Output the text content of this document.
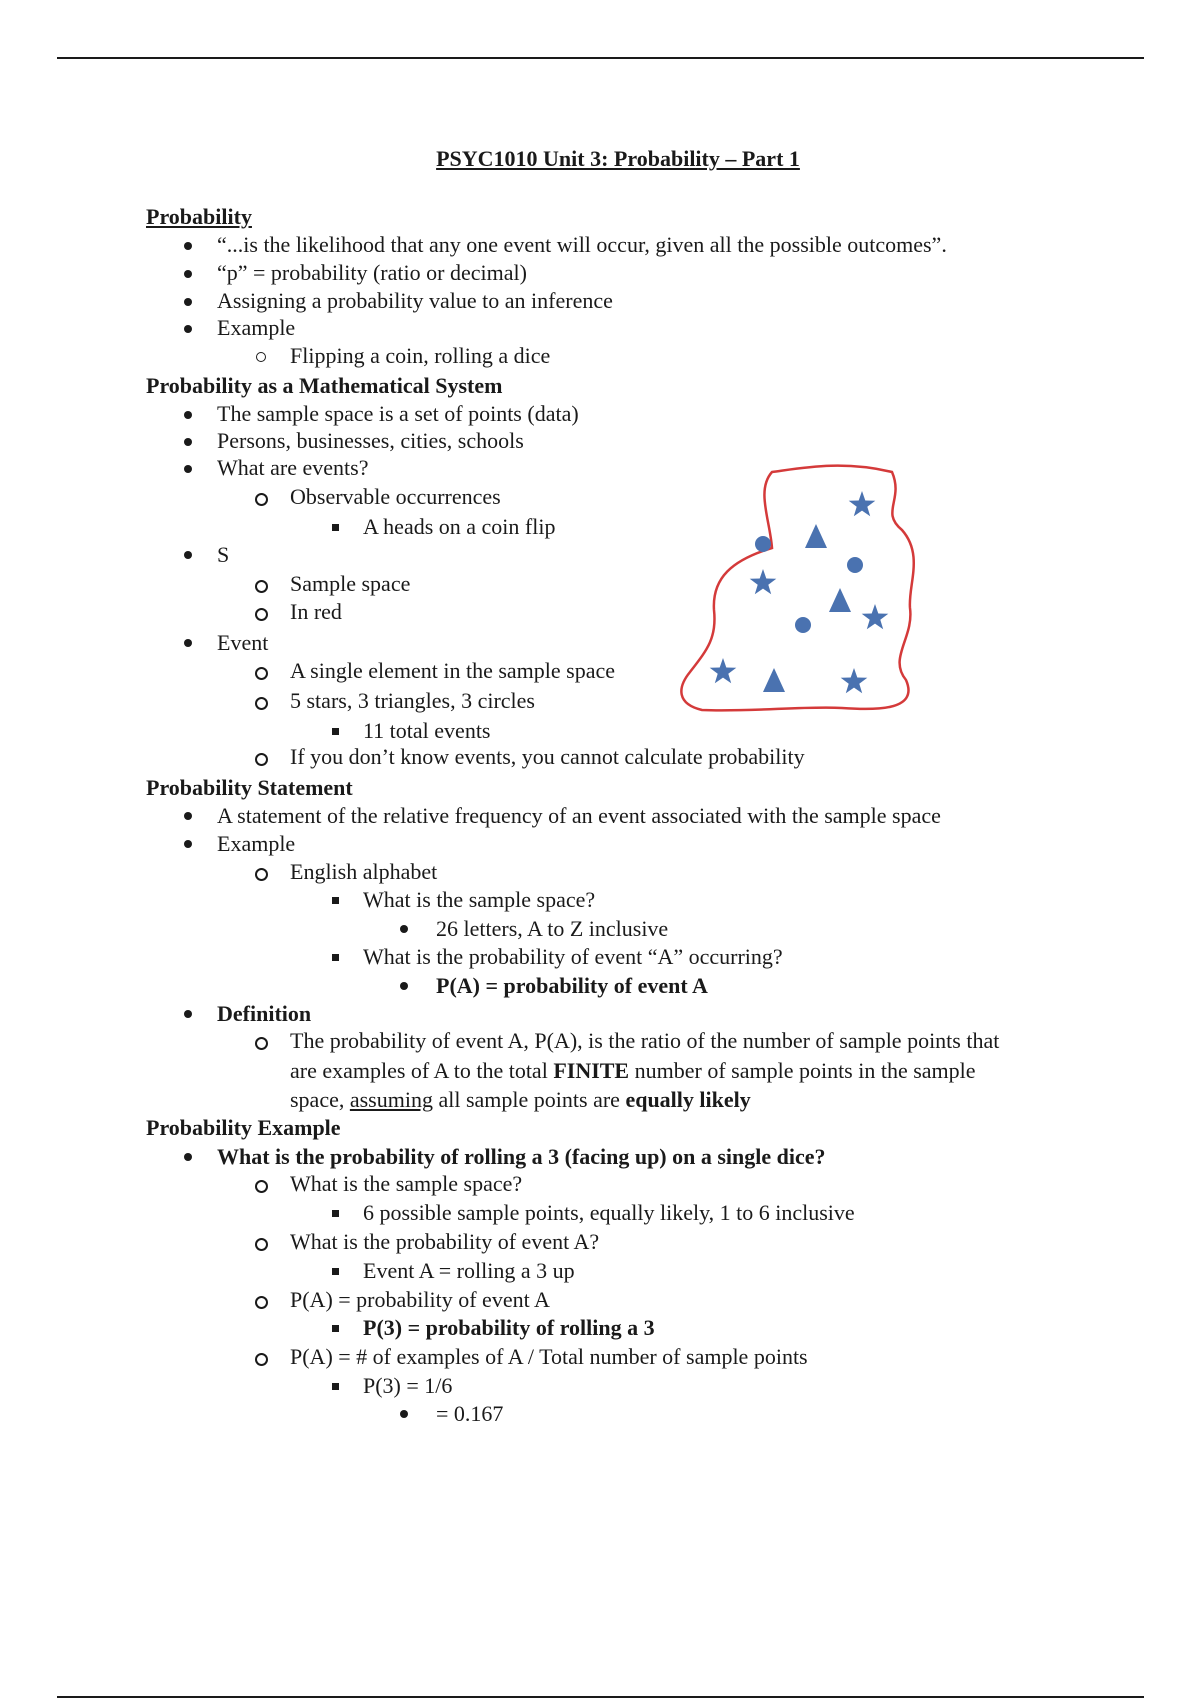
PSYC1010 Unit 3: Probability – Part 1
Probability
“...is the likelihood that any one event will occur, given all the possible outcomes”.
“p” = probability (ratio or decimal)
Assigning a probability value to an inference
Example
Flipping a coin, rolling a dice
Probability as a Mathematical System
The sample space is a set of points (data)
Persons, businesses, cities, schools
What are events?
Observable occurrences
A heads on a coin flip
S
Sample space
In red
Event
A single element in the sample space
5 stars, 3 triangles, 3 circles
11 total events
If you don’t know events, you cannot calculate probability
Probability Statement
A statement of the relative frequency of an event associated with the sample space
Example
English alphabet
What is the sample space?
26 letters, A to Z inclusive
What is the probability of event “A” occurring?
P(A) = probability of event A
Definition
The probability of event A, P(A), is the ratio of the number of sample points that
are examples of A to the total FINITE number of sample points in the sample
space, assuming all sample points are equally likely
Probability Example
What is the probability of rolling a 3 (facing up) on a single dice?
What is the sample space?
6 possible sample points, equally likely, 1 to 6 inclusive
What is the probability of event A?
Event A = rolling a 3 up
P(A) = probability of event A
P(3) = probability of rolling a 3
P(A) = # of examples of A / Total number of sample points
P(3) = 1/6
= 0.167
